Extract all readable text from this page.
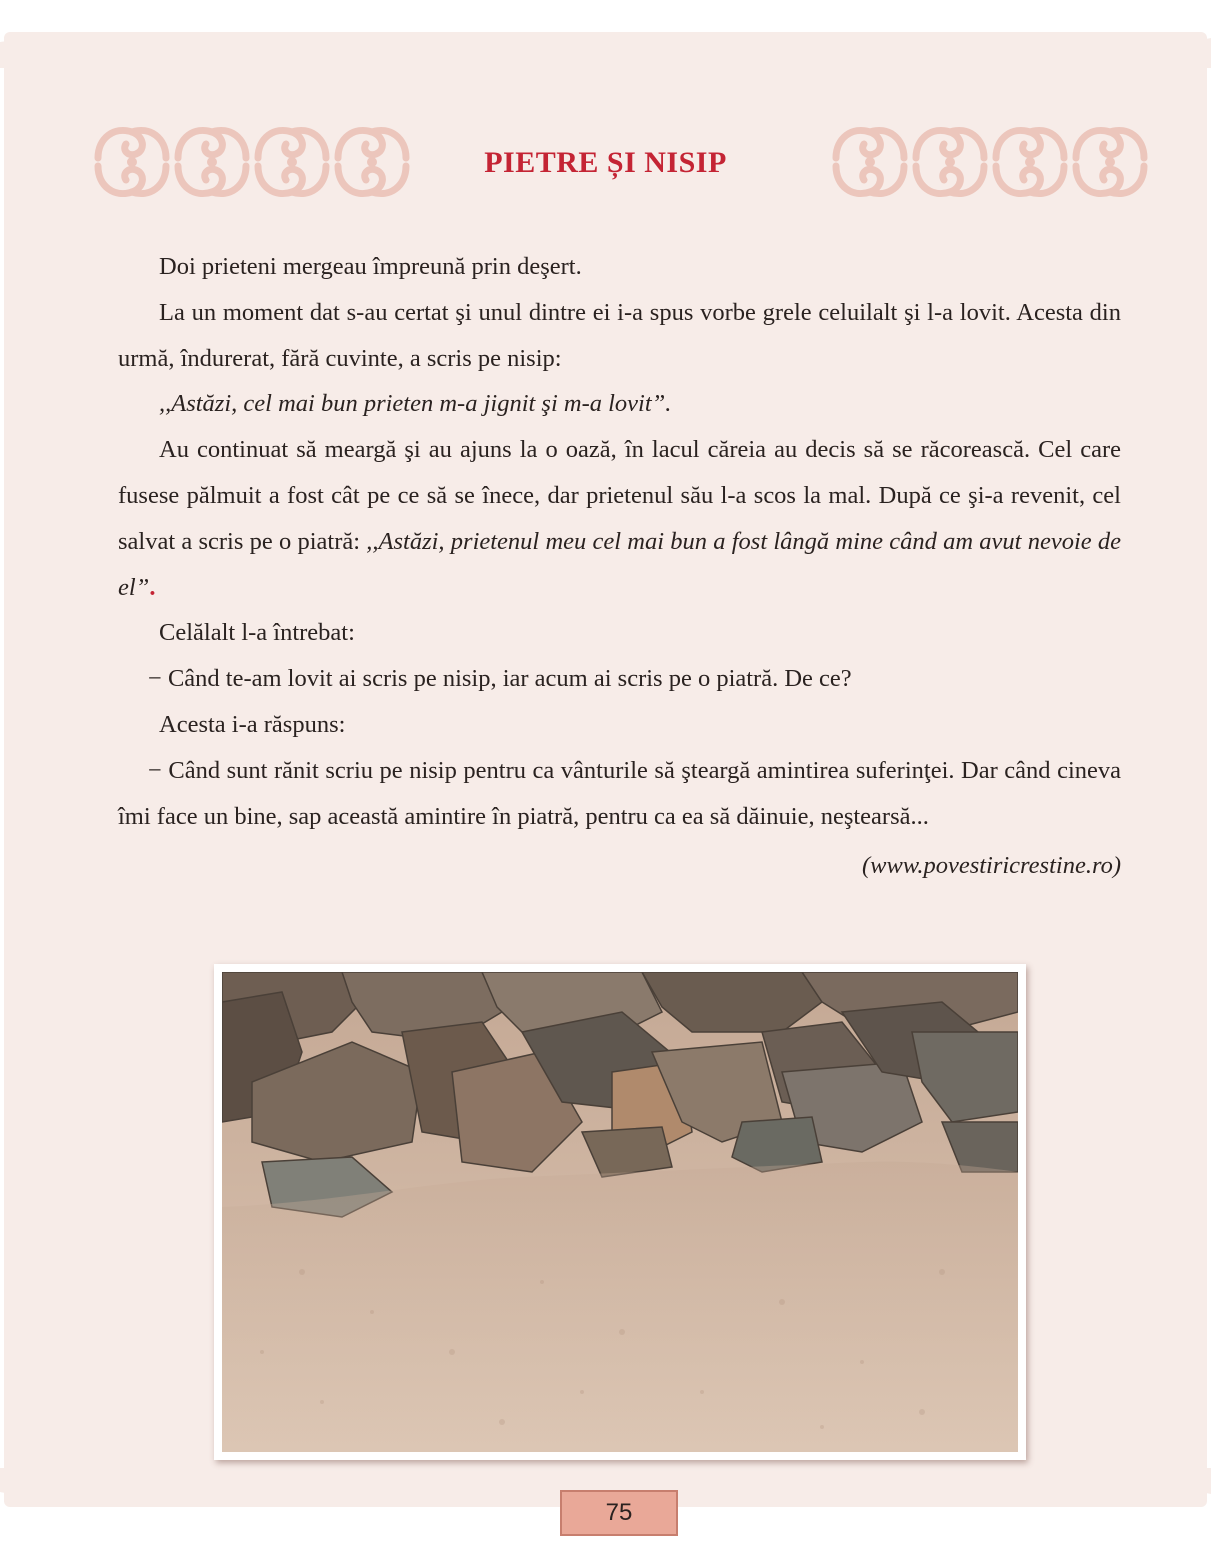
PIETRE ȘI NISIP

Doi prieteni mergeau împreună prin deşert.

La un moment dat s-au certat şi unul dintre ei i-a spus vorbe grele celuilalt şi l-a lovit. Acesta din urmă, îndurerat, fără cuvinte, a scris pe nisip:

,,Astăzi, cel mai bun prieten m-a jignit şi m-a lovit”.

Au continuat să meargă şi au ajuns la o oază, în lacul căreia au decis să se răcorească. Cel care fusese pălmuit a fost cât pe ce să se înece, dar prietenul său l-a scos la mal. După ce şi-a revenit, cel salvat a scris pe o piatră: ,,Astăzi, prietenul meu cel mai bun a fost lângă mine când am avut nevoie de el”.

Celălalt l-a întrebat:

− Când te-am lovit ai scris pe nisip, iar acum ai scris pe o piatră. De ce?

Acesta i-a răspuns:

− Când sunt rănit scriu pe nisip pentru ca vânturile să şteargă amintirea suferinţei. Dar când cineva îmi face un bine, sap această amintire în piatră, pentru ca ea să dăinuie, neştearsă...

(www.povestiricrestine.ro)

75
